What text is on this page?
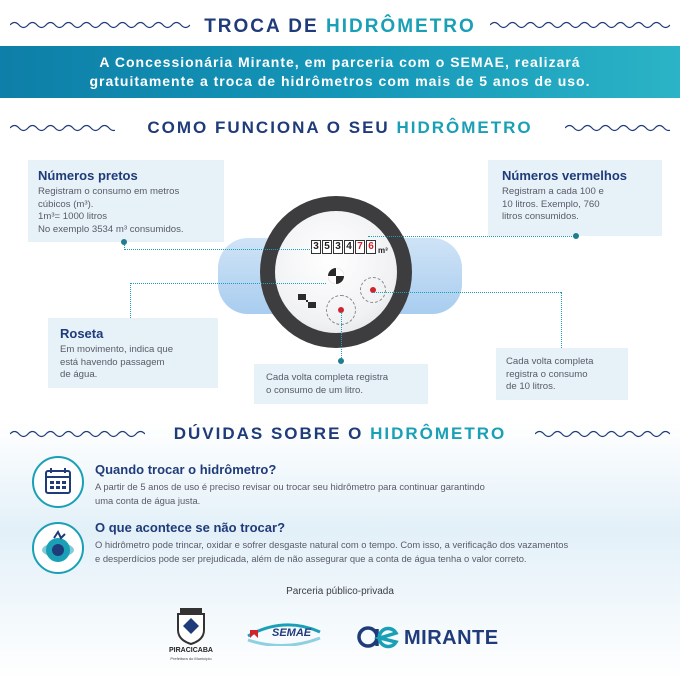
TROCA DE HIDRÔMETRO
A Concessionária Mirante, em parceria com o SEMAE, realizará
gratuitamente a troca de hidrômetros com mais de 5 anos de uso.
COMO FUNCIONA O SEU HIDRÔMETRO
Números pretos
Registram o consumo em metros
cúbicos (m³).
1m³= 1000 litros
No exemplo 3534 m³ consumidos.
Números vermelhos
Registram a cada 100 e
10 litros. Exemplo, 760
litros consumidos.
Roseta
Em movimento, indica que
está havendo passagem
de água.	Cada volta completa registra
o consumo de um litro.
Cada volta completa
registra o consumo
de 10 litros.
3 5 3 4 7 6 m³
DÚVIDAS SOBRE O HIDRÔMETRO
Quando trocar o hidrômetro?
A partir de 5 anos de uso é preciso revisar ou trocar seu hidrômetro para continuar garantindo
uma conta de água justa.
O que acontece se não trocar?
O hidrômetro pode trincar, oxidar e sofrer desgaste natural com o tempo. Com isso, a verificação dos vazamentos
e desperdícios pode ser prejudicada, além de não assegurar que a conta de água tenha o valor correto.
Parceria público-privada
PIRACICABA
Prefeitura do Município
SEMAE	MIRANTE
